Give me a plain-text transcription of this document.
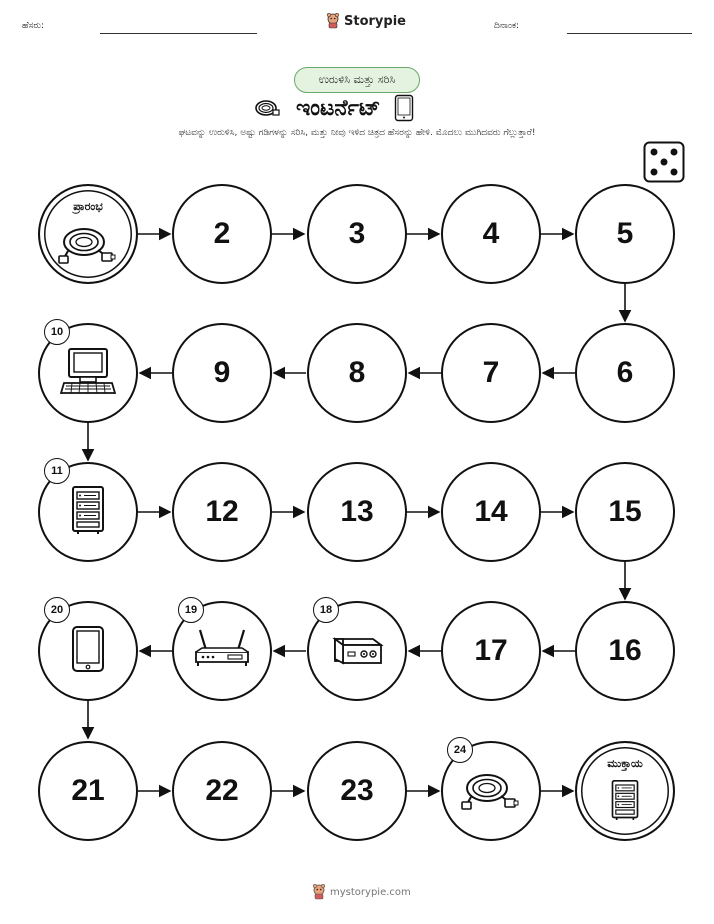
ಹೆಸರು:	Storypie	ದಿನಾಂಕ:
ಉರುಳಿಸಿ ಮತ್ತು ಸರಿಸಿ
ಇಂಟರ್ನೆಟ್
ಘಟವನ್ನು ಉರುಳಿಸಿ, ಅಷ್ಟು ಗಡಿಗಳನ್ನು ಸರಿಸಿ, ಮತ್ತು ನೀವು ಇಳಿದ ಚಿತ್ರದ ಹೆಸರನ್ನು ಹೇಳಿ. ಮೊದಲು ಮುಗಿದವರು ಗೆಲ್ಲುತ್ತಾರೆ!
ಪ್ರಾರಂಭ
2	3	4	5
6
7
8
9
10
11
12	13	14	15
16
17
18
19
20
21	22	23
24
ಮುಕ್ತಾಯ
mystorypie.com
